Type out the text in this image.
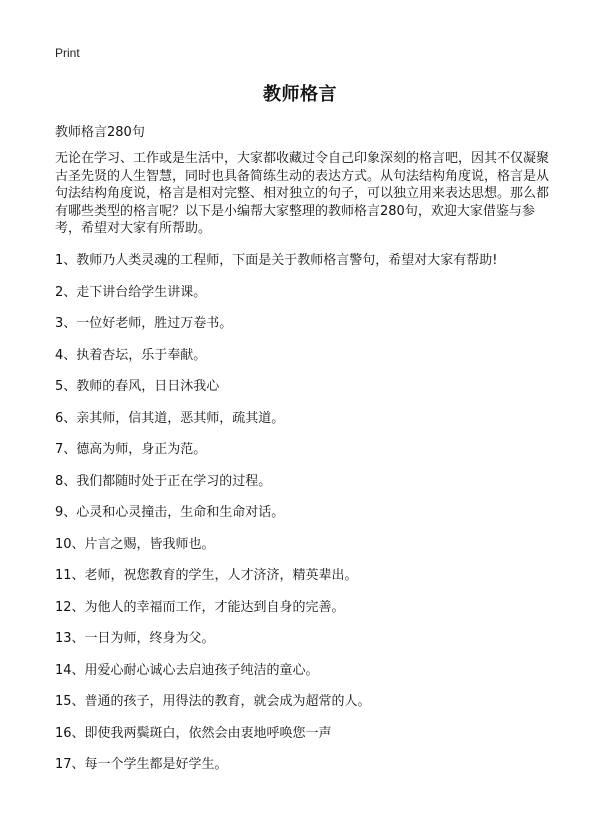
Print
教师格言
教师格言280句
无论在学习、工作或是生活中，大家都收藏过令自己印象深刻的格言吧，因其不仅凝聚古圣先贤的人生智慧，同时也具备简练生动的表达方式。从句法结构角度说，格言是从句法结构角度说，格言是相对完整、相对独立的句子，可以独立用来表达思想。那么都有哪些类型的格言呢？以下是小编帮大家整理的教师格言280句，欢迎大家借鉴与参考，希望对大家有所帮助。
1、教师乃人类灵魂的工程师，下面是关于教师格言警句，希望对大家有帮助!
2、走下讲台给学生讲课。
3、一位好老师，胜过万卷书。
4、执着杏坛，乐于奉献。
5、教师的春风，日日沐我心
6、亲其师，信其道，恶其师，疏其道。
7、德高为师，身正为范。
8、我们都随时处于正在学习的过程。
9、心灵和心灵撞击，生命和生命对话。
10、片言之赐，皆我师也。
11、老师，祝您教育的学生，人才济济，精英辈出。
12、为他人的幸福而工作，才能达到自身的完善。
13、一日为师，终身为父。
14、用爱心耐心诚心去启迪孩子纯洁的童心。
15、普通的孩子，用得法的教育，就会成为超常的人。
16、即使我两鬓斑白，依然会由衷地呼唤您一声
17、每一个学生都是好学生。
